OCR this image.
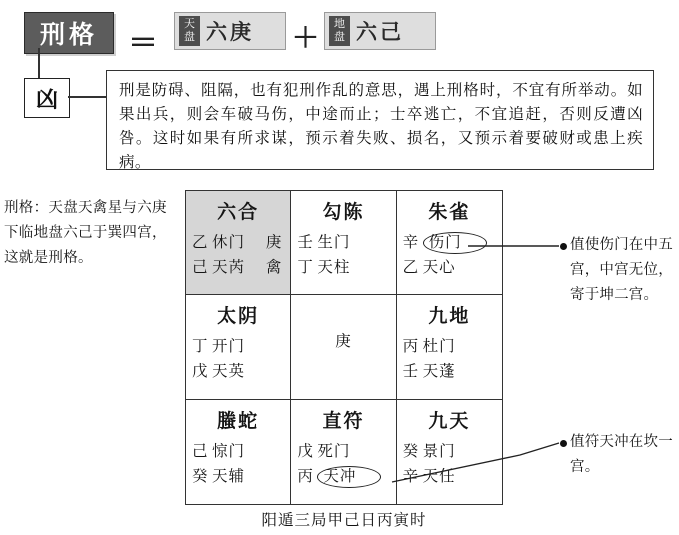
刑格 ＝
天盘 六庚 ＋	地盘 六己
凶	刑是防碍、阻隔，也有犯刑作乱的意思，遇上刑格时，不宜有所举动。如果出兵，则会车破马伤，中途而止；士卒逃亡，不宜追赶，否则反遭凶咎。这时如果有所求谋，预示着失败、损名，又预示着要破财或患上疾病。
刑格：天盘天禽星与六庚下临地盘六己于巽四宫，这就是刑格。
六合
乙 休门 庚
己 天芮 禽
勾陈
壬 生门
丁 天柱
朱雀
辛 伤门
乙 天心
太阴
丁 开门
戊 天英
庚
九地
丙 杜门
壬 天蓬
螣蛇
己 惊门
癸 天辅
直符
戊 死门
丙 天冲
九天
癸 景门
辛 天任
值使伤门在中五宫，中宫无位，寄于坤二宫。
值符天冲在坎一宫。
阳遁三局甲己日丙寅时
